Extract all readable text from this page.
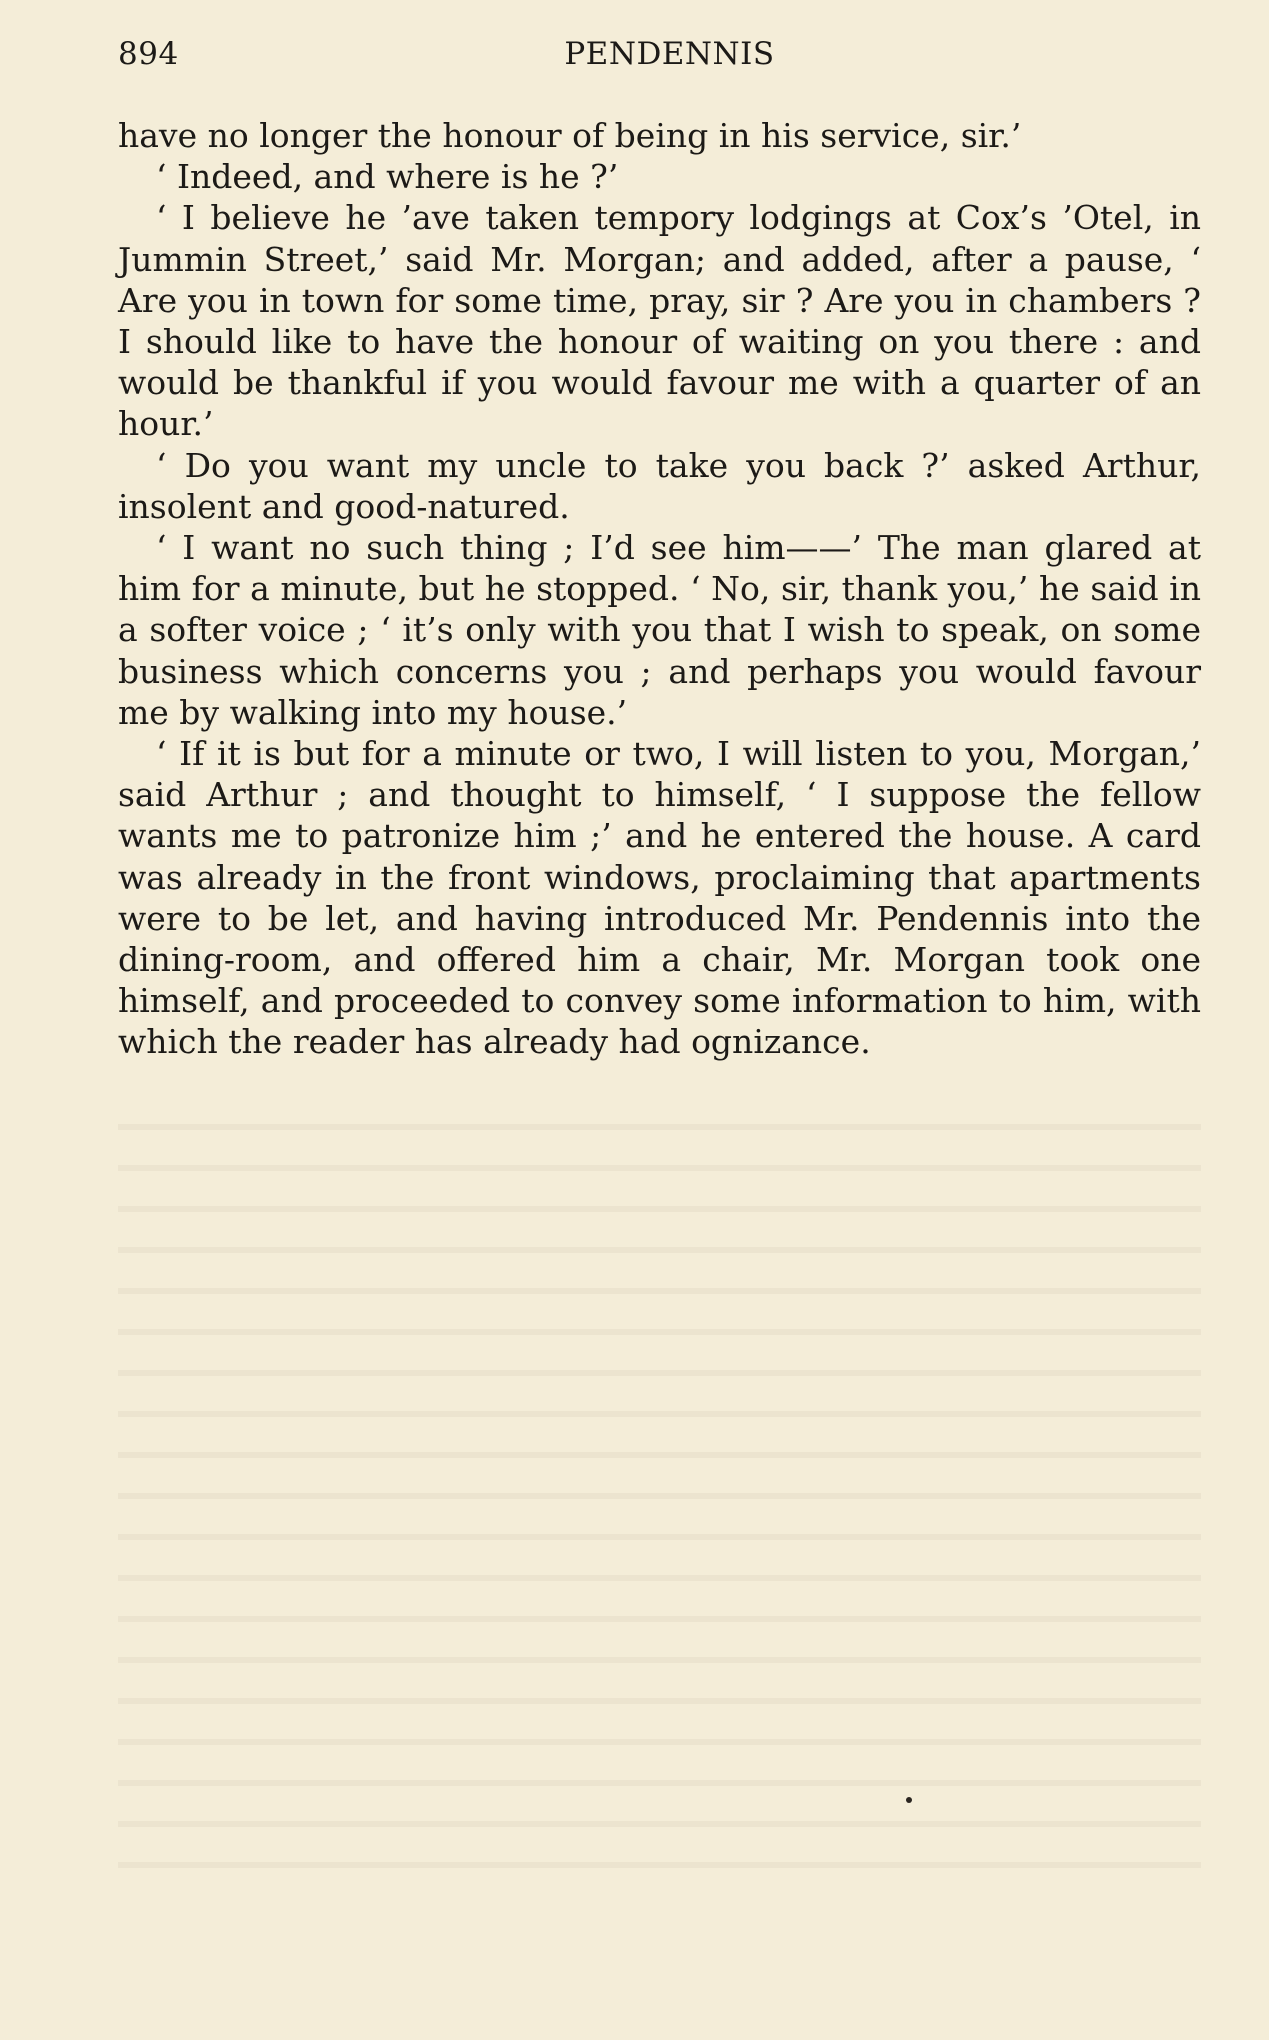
894	PENDENNIS

have no longer the honour of being in his service, sir.’

‘ Indeed, and where is he ?’

‘ I believe he ’ave taken tempory lodgings at Cox’s ’Otel, in Jummin Street,’ said Mr. Morgan; and added, after a pause, ‘ Are you in town for some time, pray, sir ? Are you in chambers ? I should like to have the honour of waiting on you there : and would be thankful if you would favour me with a quarter of an hour.’

‘ Do you want my uncle to take you back ?’ asked Arthur, insolent and good-natured.

‘ I want no such thing ; I’d see him——’ The man glared at him for a minute, but he stopped. ‘ No, sir, thank you,’ he said in a softer voice ; ‘ it’s only with you that I wish to speak, on some business which concerns you ; and perhaps you would favour me by walking into my house.’

‘ If it is but for a minute or two, I will listen to you, Morgan,’ said Arthur ; and thought to himself, ‘ I suppose the fellow wants me to patronize him ;’ and he entered the house. A card was already in the front windows, proclaiming that apartments were to be let, and having introduced Mr. Pendennis into the dining-room, and offered him a chair, Mr. Morgan took one himself, and proceeded to convey some information to him, with which the reader has already had ognizance.
